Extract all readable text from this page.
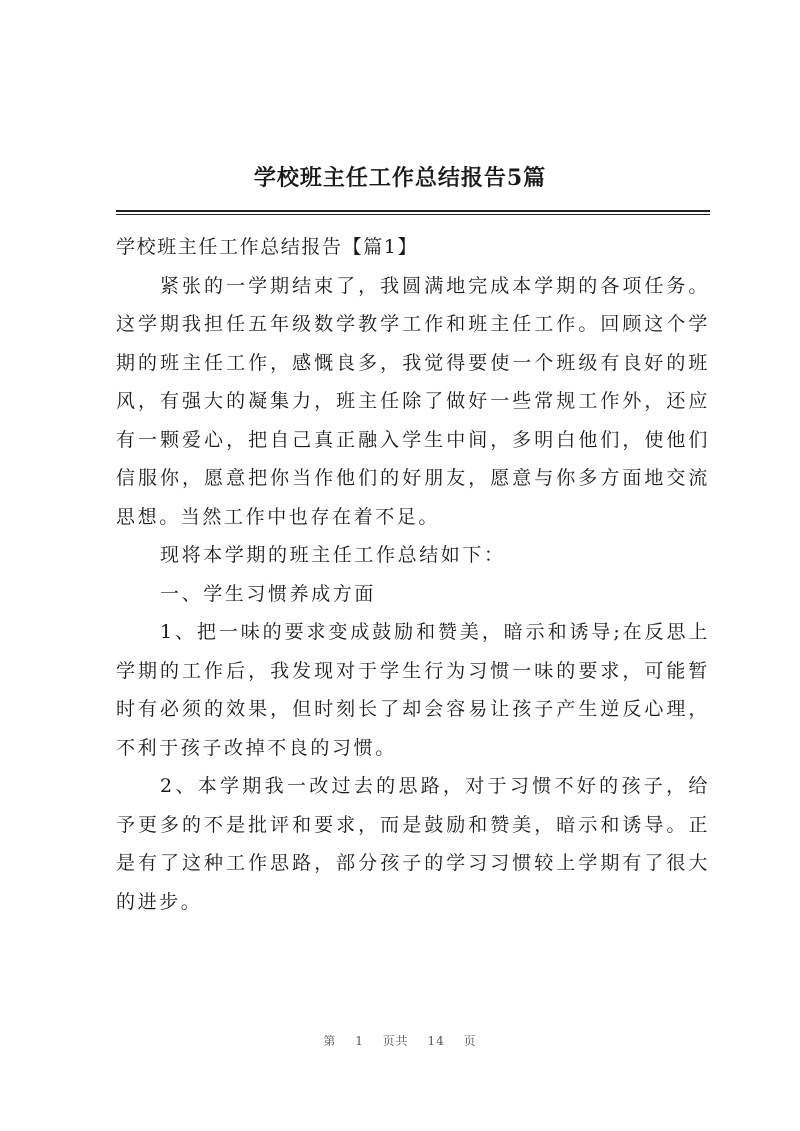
学校班主任工作总结报告5篇

学校班主任工作总结报告【篇1】

紧张的一学期结束了，我圆满地完成本学期的各项任务。这学期我担任五年级数学教学工作和班主任工作。回顾这个学期的班主任工作，感慨良多，我觉得要使一个班级有良好的班风，有强大的凝集力，班主任除了做好一些常规工作外，还应有一颗爱心，把自己真正融入学生中间，多明白他们，使他们信服你，愿意把你当作他们的好朋友，愿意与你多方面地交流思想。当然工作中也存在着不足。

现将本学期的班主任工作总结如下：

一、学生习惯养成方面

1、把一味的要求变成鼓励和赞美，暗示和诱导;在反思上学期的工作后，我发现对于学生行为习惯一味的要求，可能暂时有必须的效果，但时刻长了却会容易让孩子产生逆反心理，不利于孩子改掉不良的习惯。

2、本学期我一改过去的思路，对于习惯不好的孩子，给予更多的不是批评和要求，而是鼓励和赞美，暗示和诱导。正是有了这种工作思路，部分孩子的学习习惯较上学期有了很大的进步。

第 1 页共 14 页
